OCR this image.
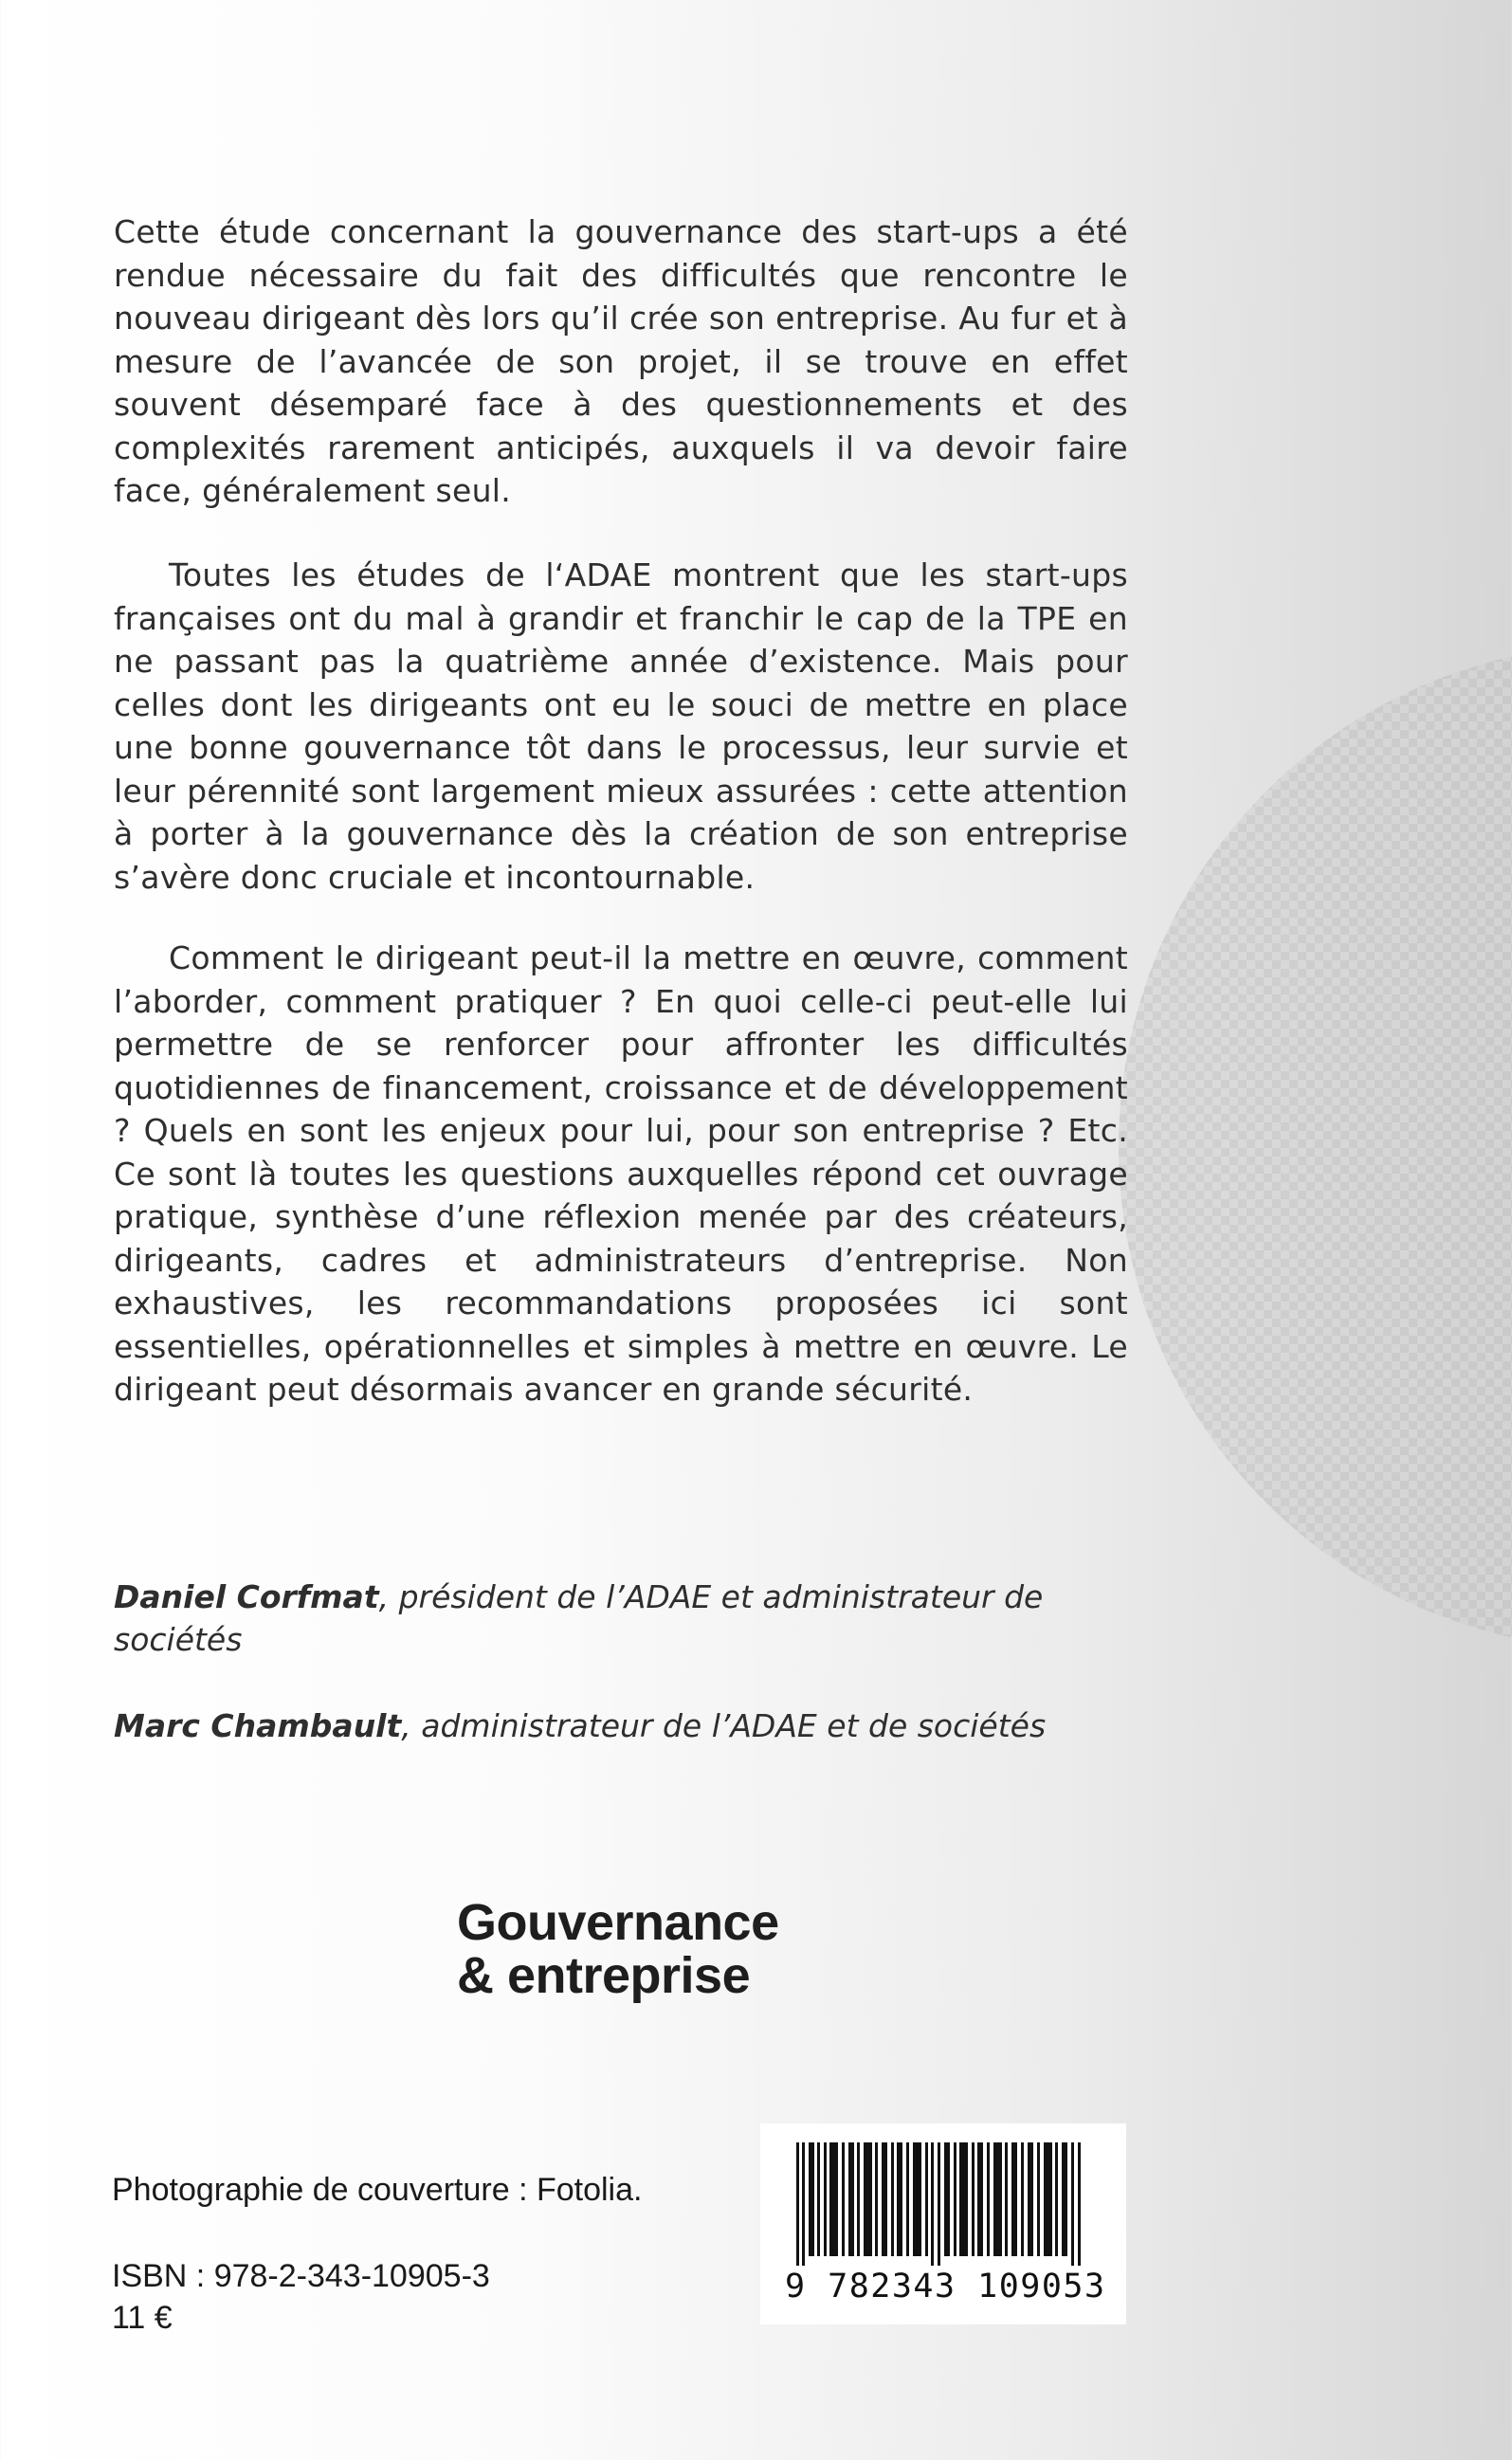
Cette étude concernant la gouvernance des start-ups a été rendue nécessaire du fait des difficultés que rencontre le nouveau dirigeant dès lors qu’il crée son entreprise. Au fur et à mesure de l’avancée de son projet, il se trouve en effet souvent désemparé face à des questionnements et des complexités rarement anticipés, auxquels il va devoir faire face, généralement seul.

Toutes les études de l‘ADAE montrent que les start-ups françaises ont du mal à grandir et franchir le cap de la TPE en ne passant pas la quatrième année d’existence. Mais pour celles dont les dirigeants ont eu le souci de mettre en place une bonne gouvernance tôt dans le processus, leur survie et leur pérennité sont largement mieux assurées : cette attention à porter à la gouvernance dès la création de son entreprise s’avère donc cruciale et incontournable.

Comment le dirigeant peut-il la mettre en œuvre, comment l’aborder, comment pratiquer ? En quoi celle-ci peut-elle lui permettre de se renforcer pour affronter les difficultés quotidiennes de financement, croissance et de développement ? Quels en sont les enjeux pour lui, pour son entreprise ? Etc. Ce sont là toutes les questions auxquelles répond cet ouvrage pratique, synthèse d’une réflexion menée par des créateurs, dirigeants, cadres et administrateurs d’entreprise. Non exhaustives, les recommandations proposées ici sont essentielles, opérationnelles et simples à mettre en œuvre. Le dirigeant peut désormais avancer en grande sécurité.

Daniel Corfmat, président de l’ADAE et administrateur de sociétés
Marc Chambault, administrateur de l’ADAE et de sociétés
Gouvernance
& entreprise
Photographie de couverture : Fotolia.
ISBN : 978-2-343-10905-3
11 €
9 782343 109053
